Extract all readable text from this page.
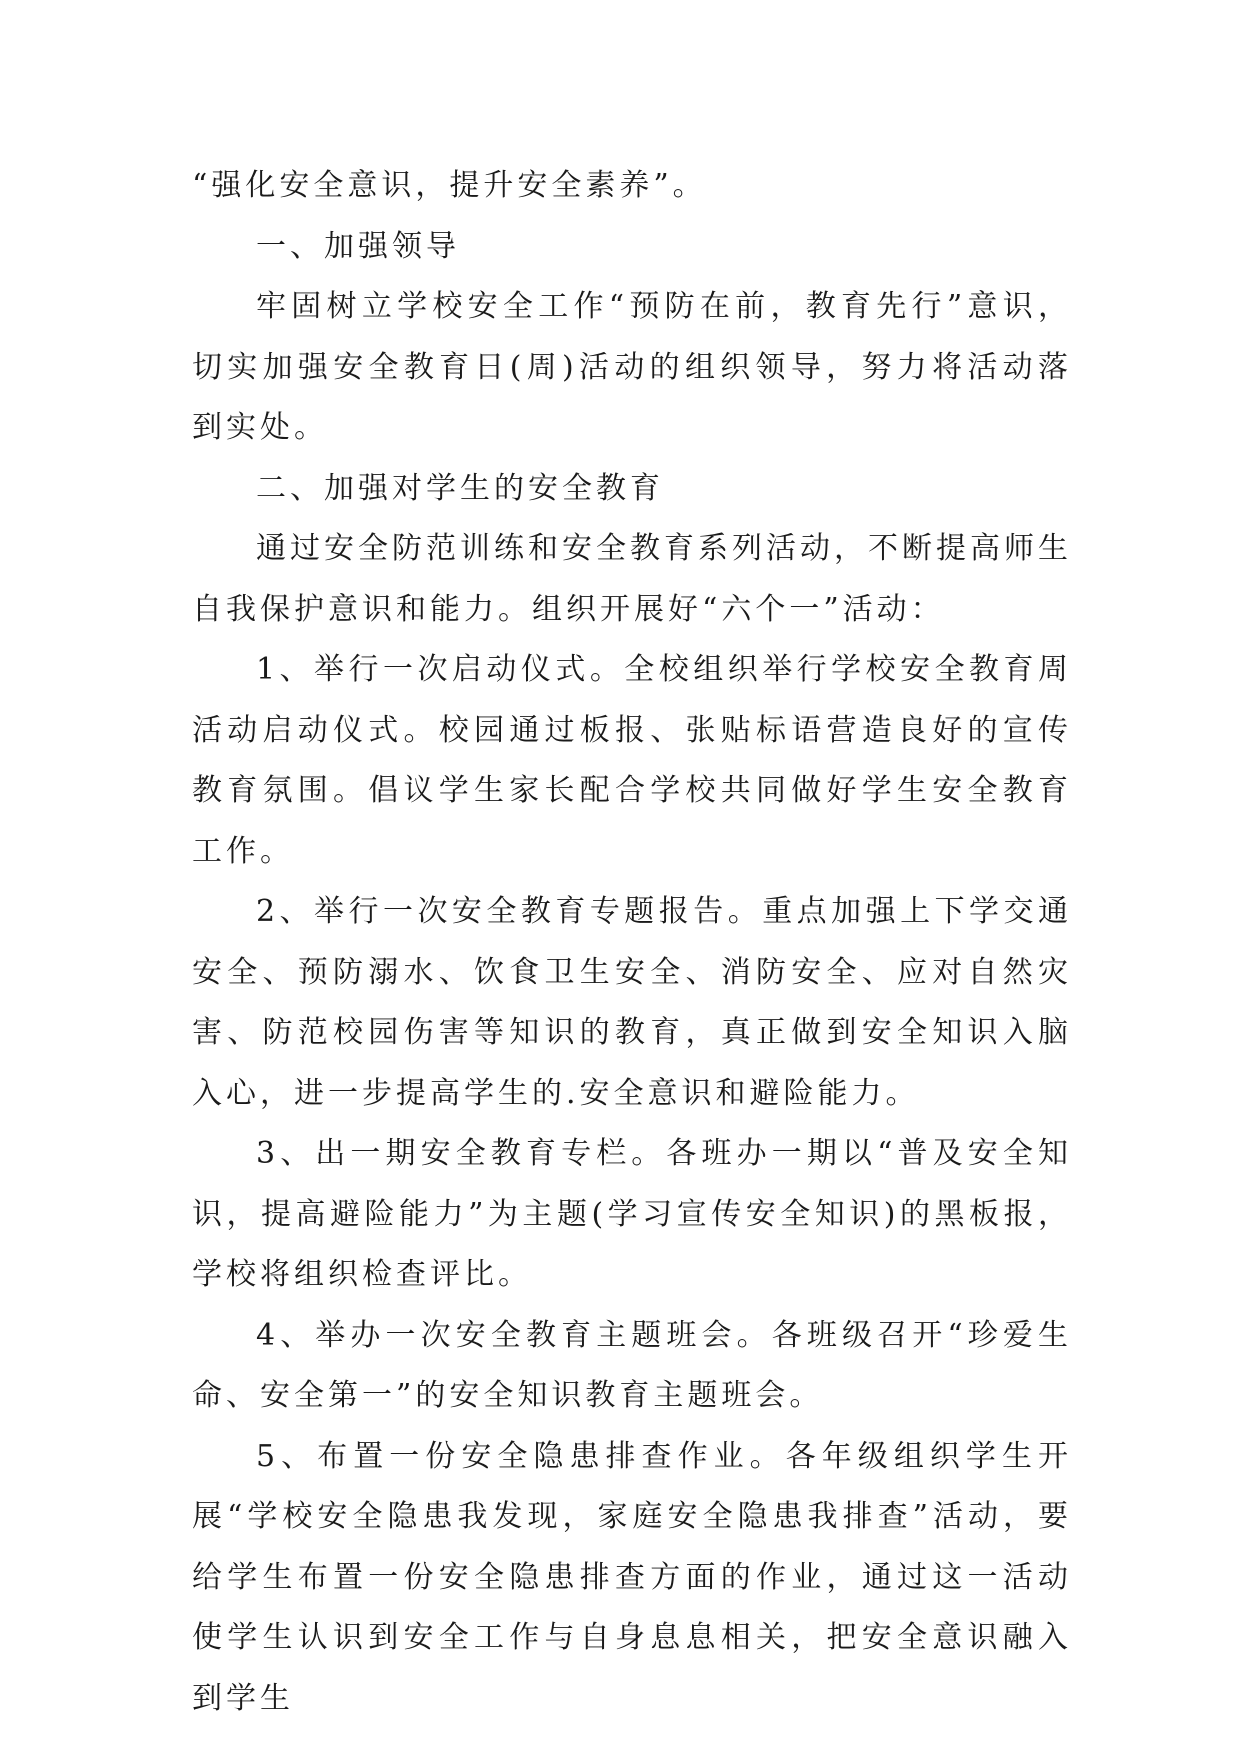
“强化安全意识，提升安全素养”。

一、加强领导

牢固树立学校安全工作“预防在前，教育先行”意识，切实加强安全教育日(周)活动的组织领导，努力将活动落到实处。

二、加强对学生的安全教育

通过安全防范训练和安全教育系列活动，不断提高师生自我保护意识和能力。组织开展好“六个一”活动：

1、举行一次启动仪式。全校组织举行学校安全教育周活动启动仪式。校园通过板报、张贴标语营造良好的宣传教育氛围。倡议学生家长配合学校共同做好学生安全教育工作。

2、举行一次安全教育专题报告。重点加强上下学交通安全、预防溺水、饮食卫生安全、消防安全、应对自然灾害、防范校园伤害等知识的教育，真正做到安全知识入脑入心，进一步提高学生的.安全意识和避险能力。

3、出一期安全教育专栏。各班办一期以“普及安全知识，提高避险能力”为主题(学习宣传安全知识)的黑板报，学校将组织检查评比。

4、举办一次安全教育主题班会。各班级召开“珍爱生命、安全第一”的安全知识教育主题班会。

5、布置一份安全隐患排查作业。各年级组织学生开展“学校安全隐患我发现，家庭安全隐患我排查”活动，要给学生布置一份安全隐患排查方面的作业，通过这一活动使学生认识到安全工作与自身息息相关，把安全意识融入到学生
